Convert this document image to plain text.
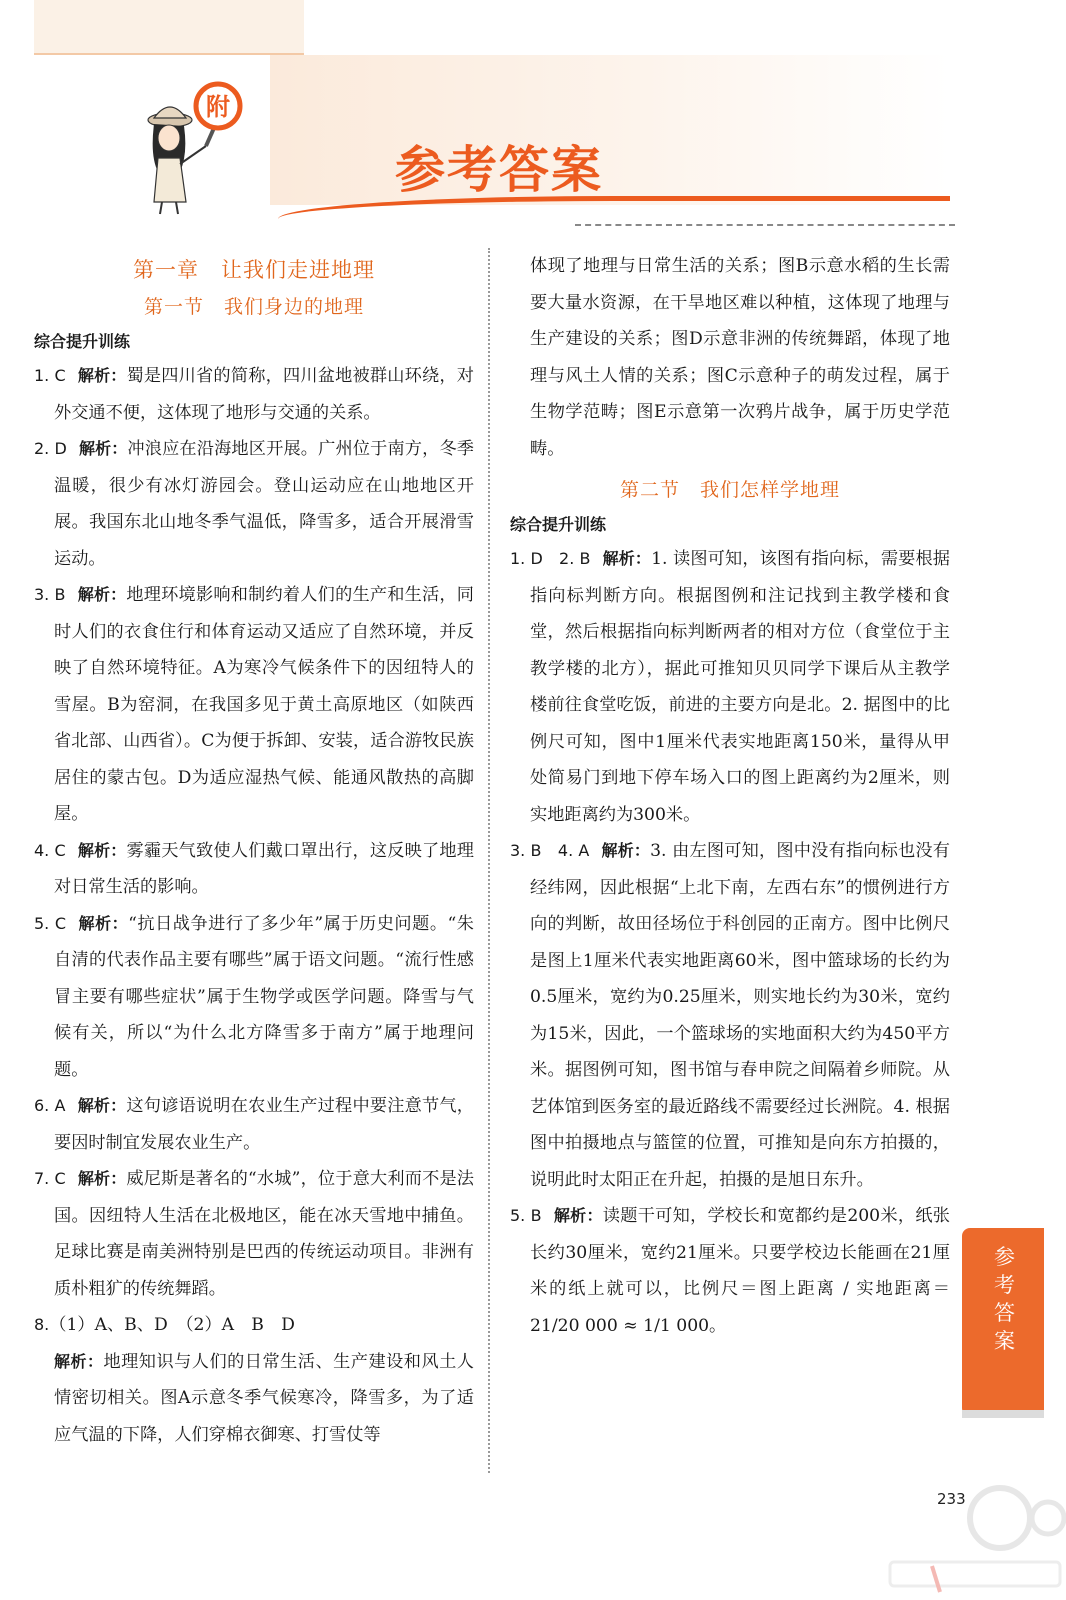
附
参考答案
第一章　让我们走进地理
第一节　我们身边的地理
综合提升训练

1. C 解析：蜀是四川省的简称，四川盆地被群山环绕，对外交通不便，这体现了地形与交通的关系。

2. D 解析：冲浪应在沿海地区开展。广州位于南方，冬季温暖，很少有冰灯游园会。登山运动应在山地地区开展。我国东北山地冬季气温低，降雪多，适合开展滑雪运动。

3. B 解析：地理环境影响和制约着人们的生产和生活，同时人们的衣食住行和体育运动又适应了自然环境，并反映了自然环境特征。A为寒冷气候条件下的因纽特人的雪屋。B为窑洞，在我国多见于黄土高原地区（如陕西省北部、山西省）。C为便于拆卸、安装，适合游牧民族居住的蒙古包。D为适应湿热气候、能通风散热的高脚屋。

4. C 解析：雾霾天气致使人们戴口罩出行，这反映了地理对日常生活的影响。

5. C 解析：“抗日战争进行了多少年”属于历史问题。“朱自清的代表作品主要有哪些”属于语文问题。“流行性感冒主要有哪些症状”属于生物学或医学问题。降雪与气候有关，所以“为什么北方降雪多于南方”属于地理问题。

6. A 解析：这句谚语说明在农业生产过程中要注意节气，要因时制宜发展农业生产。

7. C 解析：威尼斯是著名的“水城”，位于意大利而不是法国。因纽特人生活在北极地区，能在冰天雪地中捕鱼。足球比赛是南美洲特别是巴西的传统运动项目。非洲有质朴粗犷的传统舞蹈。

8.（1）A、B、D　（2）A　B　D

解析：地理知识与人们的日常生活、生产建设和风土人情密切相关。图A示意冬季气候寒冷，降雪多，为了适应气温的下降，人们穿棉衣御寒、打雪仗等

体现了地理与日常生活的关系；图B示意水稻的生长需要大量水资源，在干旱地区难以种植，这体现了地理与生产建设的关系；图D示意非洲的传统舞蹈，体现了地理与风土人情的关系；图C示意种子的萌发过程，属于生物学范畴；图E示意第一次鸦片战争，属于历史学范畴。

第二节　我们怎样学地理
综合提升训练

1. D　2. B 解析：1. 读图可知，该图有指向标，需要根据指向标判断方向。根据图例和注记找到主教学楼和食堂，然后根据指向标判断两者的相对方位（食堂位于主教学楼的北方），据此可推知贝贝同学下课后从主教学楼前往食堂吃饭，前进的主要方向是北。2. 据图中的比例尺可知，图中1厘米代表实地距离150米，量得从甲处简易门到地下停车场入口的图上距离约为2厘米，则实地距离约为300米。

3. B　4. A 解析：3. 由左图可知，图中没有指向标也没有经纬网，因此根据“上北下南，左西右东”的惯例进行方向的判断，故田径场位于科创园的正南方。图中比例尺是图上1厘米代表实地距离60米，图中篮球场的长约为0.5厘米，宽约为0.25厘米，则实地长约为30米，宽约为15米，因此，一个篮球场的实地面积大约为450平方米。据图例可知，图书馆与春申院之间隔着乡师院。从艺体馆到医务室的最近路线不需要经过长洲院。4. 根据图中拍摄地点与篮筐的位置，可推知是向东方拍摄的，说明此时太阳正在升起，拍摄的是旭日东升。

5. B 解析：读题干可知，学校长和宽都约是200米，纸张长约30厘米，宽约21厘米。只要学校边长能画在21厘米的纸上就可以，比例尺＝图上距离 / 实地距离＝21/20 000 ≈ 1/1 000。

参考答案
233
